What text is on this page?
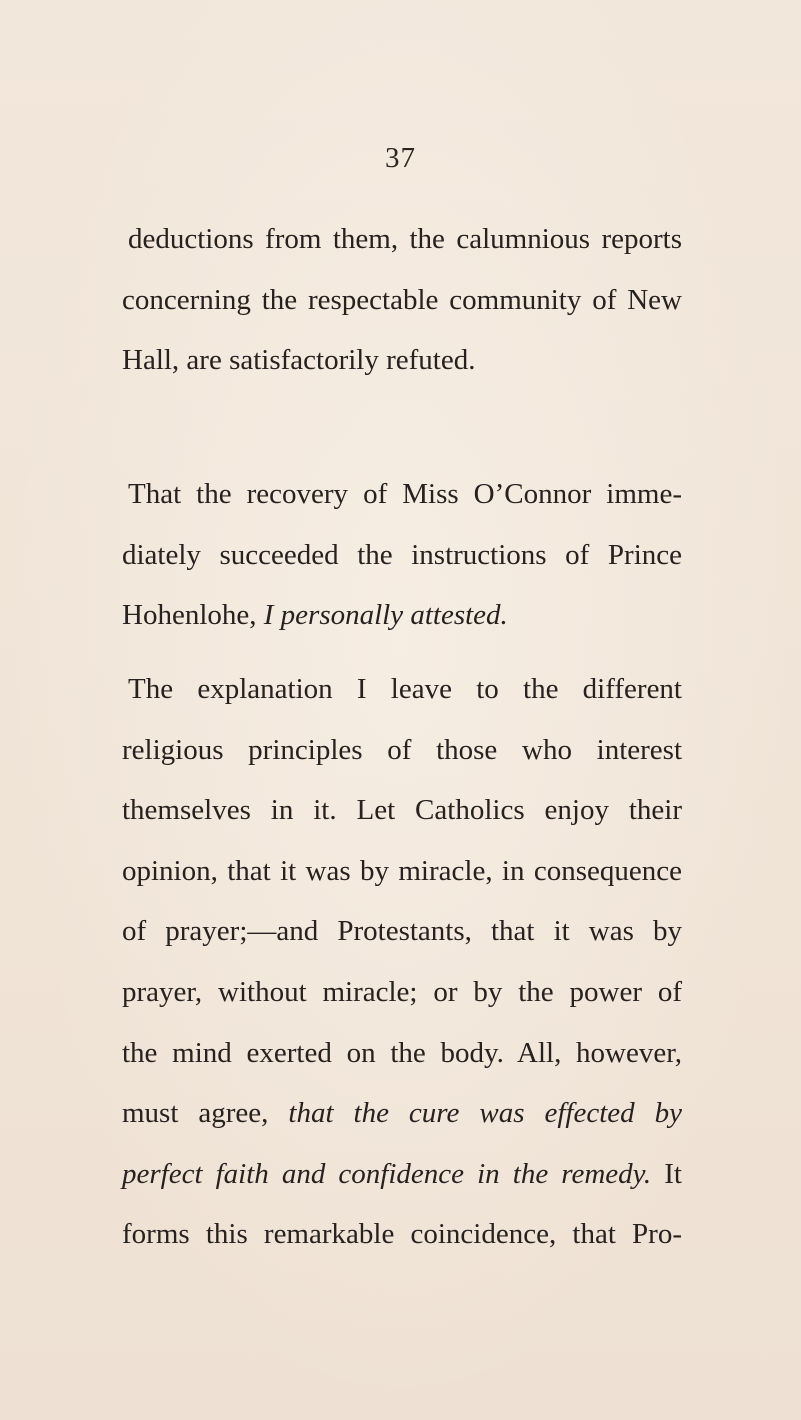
37

deductions from them, the calumnious reports
concerning the respectable community of New
Hall, are satisfactorily refuted.

That the recovery of Miss O’Connor imme-
diately succeeded the instructions of Prince
Hohenlohe, I personally attested.

The explanation I leave to the different
religious principles of those who interest
themselves in it. Let Catholics enjoy their
opinion, that it was by miracle, in consequence
of prayer;—and Protestants, that it was by
prayer, without miracle; or by the power of
the mind exerted on the body. All, however,
must agree, that the cure was effected by
perfect faith and confidence in the remedy. It
forms this remarkable coincidence, that Pro-
